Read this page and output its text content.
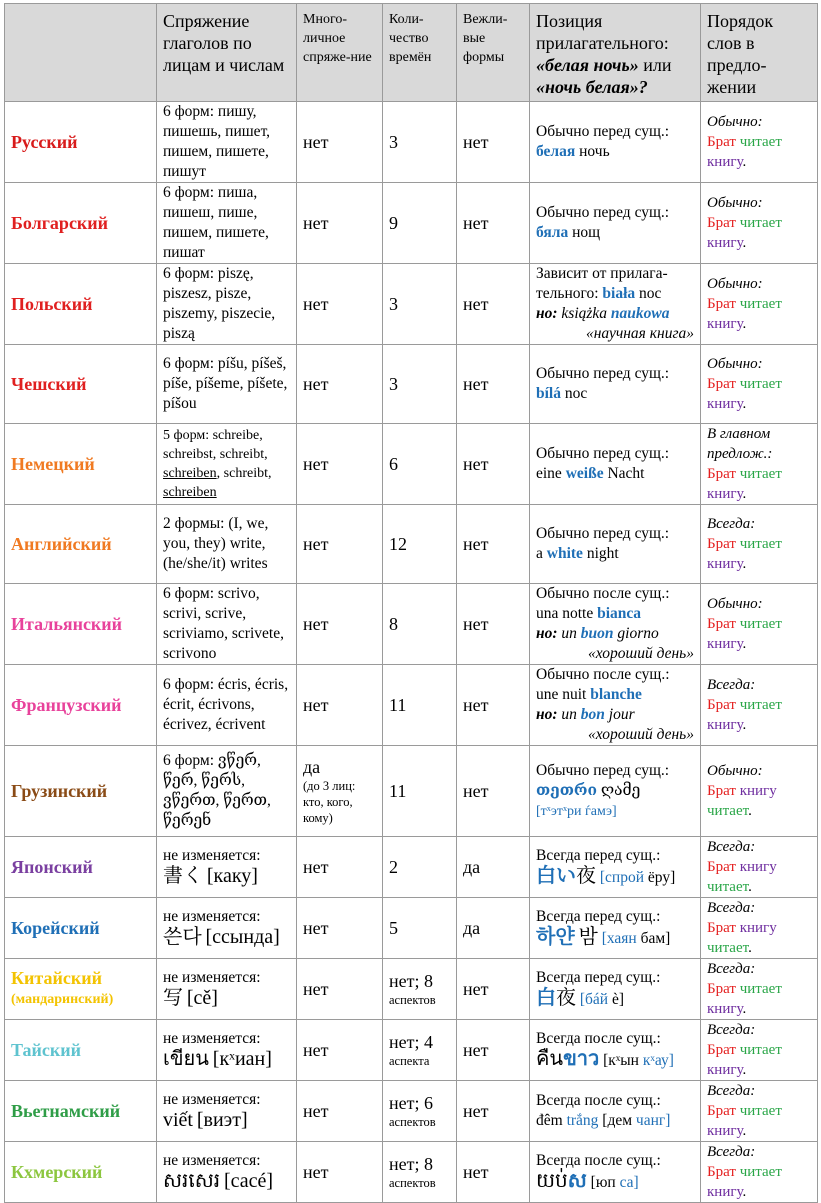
	Спряжение глаголов по лицам и числам	Много-личное спряже-ние	Коли-чество времён	Вежли-вые формы	Позиция прилагательного:
«белая ночь» или
«ночь белая»?	Порядок слов в предло-жении
Русский	6 форм: пишу, пишешь, пишет, пишем, пишете, пишут	нет	3	нет	Обычно перед сущ.:
белая ночь	Обычно:
Брат читает книгу.
Болгарский	6 форм: пиша, пишеш, пише, пишем, пишете, пишат	нет	9	нет	Обычно перед сущ.:
бяла нощ	Обычно:
Брат читает книгу.
Польский	6 форм: piszę, piszesz, pisze, piszemy, piszecie, piszą	нет	3	нет	Зависит от прилага-тельного: biała noc
но: książka naukowa
«научная книга»	Обычно:
Брат читает книгу.
Чешский	6 форм: píšu, píšeš, píše, píšeme, píšete, píšou	нет	3	нет	Обычно перед сущ.:
bílá noc	Обычно:
Брат читает книгу.
Немецкий	5 форм: schreibe, schreibst, schreibt, schreiben, schreibt, schreiben	нет	6	нет	Обычно перед сущ.:
eine weiße Nacht	В главном предлож.:
Брат читает книгу.
Английский	2 формы: (I, we, you, they) write, (he/she/it) writes	нет	12	нет	Обычно перед сущ.:
a white night	Всегда:
Брат читает книгу.
Итальянский	6 форм: scrivo, scrivi, scrive, scriviamo, scrivete, scrivono	нет	8	нет	Обычно после сущ.:
una notte bianca
но: un buon giorno
«хороший день»	Обычно:
Брат читает книгу.
Французский	6 форм: écris, écris, écrit, écrivons, écrivez, écrivent	нет	11	нет	Обычно после сущ.:
une nuit blanche
но: un bon jour
«хороший день»	Всегда:
Брат читает книгу.
Грузинский	6 форм: ვწერ, წერ, წერს, ვწერთ, წერთ, წერენ	да
(до 3 лиц: кто, кого, кому)	11	нет	Обычно перед сущ.:
თეთრი ღამე
[тˣэтˣри ѓамэ]	Обычно:
Брат книгу читает.
Японский	не изменяется:
書く [каку]	нет	2	да	Всегда перед сущ.:
白い夜 [спрой ёру]	Всегда:
Брат книгу читает.
Корейский	не изменяется:
쓴다 [ссында]	нет	5	да	Всегда перед сущ.:
하얀 밤 [хаян бам]	Всегда:
Брат книгу читает.
Китайский
(мандаринский)	не изменяется:
写 [cě]	нет	нет; 8
аспектов	нет	Всегда перед сущ.:
白夜 [бáй è]	Всегда:
Брат читает книгу.
Тайский	не изменяется:
เขียน [кˣиан]	нет	нет; 4
аспекта	нет	Всегда после сущ.:
คืนขาว [кˣын кˣау]	Всегда:
Брат читает книгу.
Вьетнамский	не изменяется:
viết [виэт]	нет	нет; 6
аспектов	нет	Всегда после сущ.:
đêm trắng [дем чанг]	Всегда:
Брат читает книгу.
Кхмерский	не изменяется:
សរសេរ [сасé]	нет	нет; 8
аспектов	нет	Всегда после сущ.:
យប់ស [юп са]	Всегда:
Брат читает книгу.
